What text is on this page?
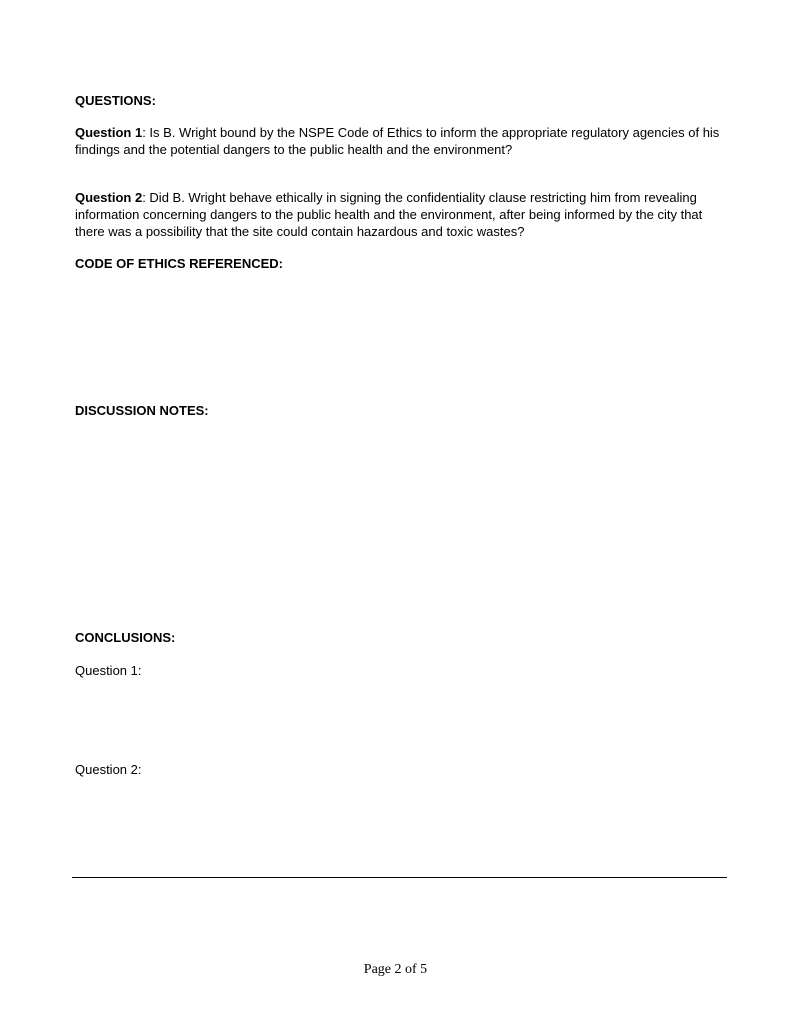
QUESTIONS:
Question 1: Is B. Wright bound by the NSPE Code of Ethics to inform the appropriate regulatory agencies of his findings and the potential dangers to the public health and the environment?
Question 2: Did B. Wright behave ethically in signing the confidentiality clause restricting him from revealing information concerning dangers to the public health and the environment, after being informed by the city that there was a possibility that the site could contain hazardous and toxic wastes?
CODE OF ETHICS REFERENCED:
DISCUSSION NOTES:
CONCLUSIONS:
Question 1:
Question 2:
Page 2 of 5
